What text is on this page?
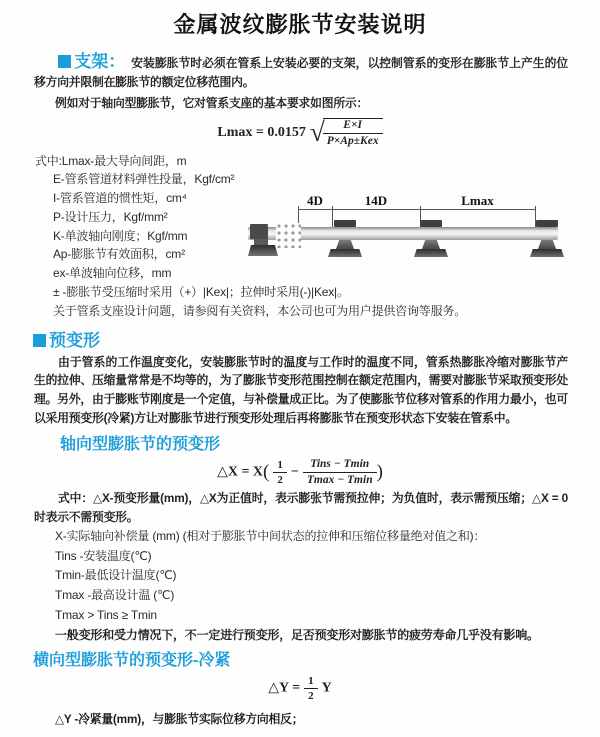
金属波纹膨胀节安装说明

支架： 安装膨胀节时必须在管系上安装必要的支架，以控制管系的变形在膨胀节上产生的位移方向并限制在膨胀节的额定位移范围内。

例如对于轴向型膨胀节，它对管系支座的基本要求如图所示：

Lmax = 0.0157 √
$\frac{E\times I}{\text{P×Ap±Kex}}$
式中:Lmax-最大导向间距，m
E-管系管道材料弹性投量，Kgf/cm²
I-管系管道的惯性矩，cm⁴
P-设计压力，Kgf/mm²
K-单波轴向刚度；Kgf/mm
Ap-膨胀节有效面积，cm²
ex-单波轴向位移，mm
± -膨胀节受压缩时采用（+）|Kex|；拉伸时采用(-)|Kex|。
关于管系支座设计问题，请参阅有关资料，本公司也可为用户提供咨询等服务。
4D	14D	Lmax
预变形

由于管系的工作温度变化，安装膨胀节时的温度与工作时的温度不同，管系热膨胀冷缩对膨胀节产生的拉伸、压缩量常常是不均等的，为了膨胀节变形范围控制在额定范围内，需要对膨胀节采取预变形处理。另外，由于膨账节刚度是一个定值，与补偿量成正比。为了使膨胀节位移对管系的作用力最小，也可以采用预变形(冷紧)方让对膨胀节进行预变形处理后再将膨胀节在预变形状态下安装在管系中。

轴向型膨胀节的预变形
△X = $X( \frac{1}{2} - \frac{\text{Tins − Tmin}}{Tmax - Tmin}$ )

式中：△X-预变形量(mm)，△X为正值时，表示膨张节需预拉伸；为负值时，表示需预压缩；△X = 0时表示不需预变形。

X-实际轴向补偿量 (mm) (相对于膨胀节中间状态的拉伸和压缩位移量绝对值之和)：
Tins -安装温度(℃)
Tmin-最低设计温度(℃)
Tmax -最高设计温 (℃)
Tmax > Tins ≥ Tmin
一般变形和受力情况下，不一定进行预变形，足否预变形对膨胀节的疲劳寿命几乎没有影响。
横向型膨胀节的预变形-冷紧
△Y = $\frac{1}{2}$ Y

△Y -冷紧量(mm)，与膨胀节实际位移方向相反；
